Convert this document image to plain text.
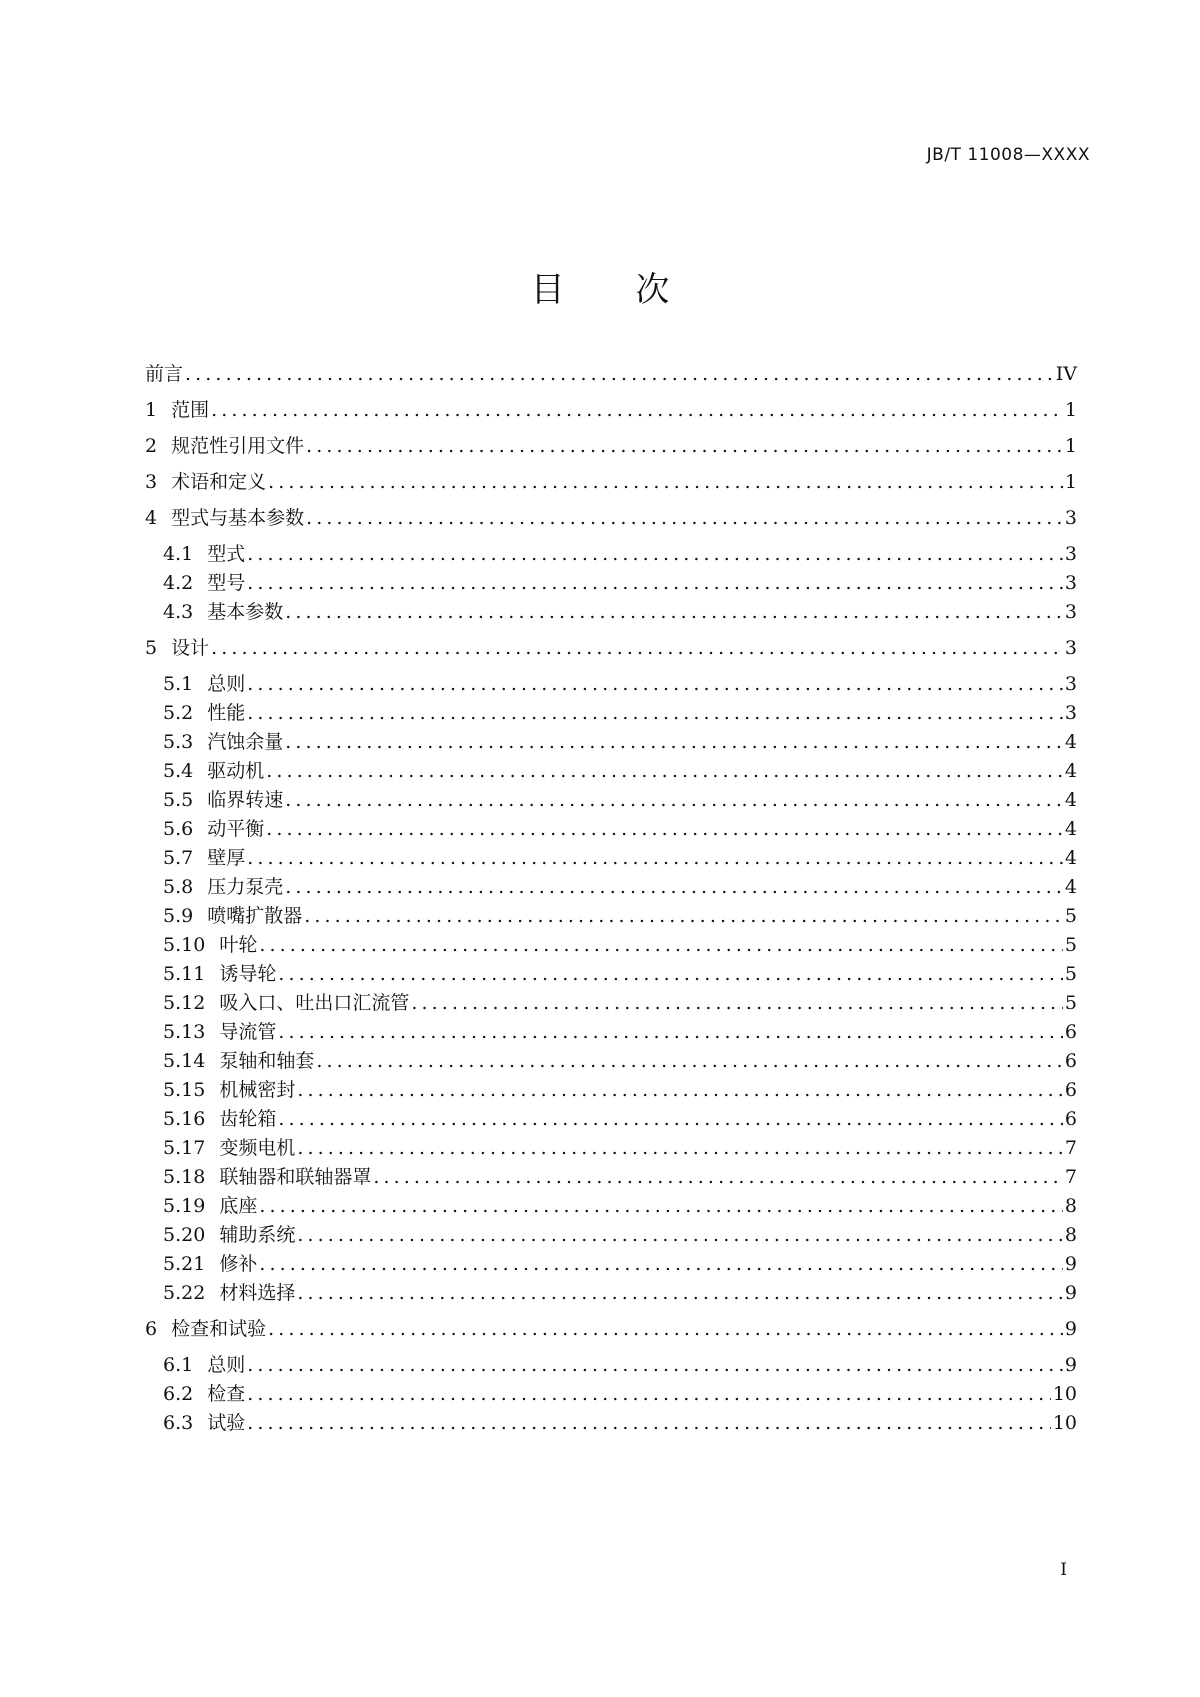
JB/T 11008—XXXX
目 次
前言 .....	IV
1 范围 .....	1
2 规范性引用文件 .....	1
3 术语和定义 .....	1
4 型式与基本参数 .....	3
4.1 型式 .....	3
4.2 型号 .....	3
4.3 基本参数 .....	3
5 设计 .....	3
5.1 总则 .....	3
5.2 性能 .....	3
5.3 汽蚀余量 .....	4
5.4 驱动机 .....	4
5.5 临界转速 .....	4
5.6 动平衡 .....	4
5.7 壁厚 .....	4
5.8 压力泵壳 .....	4
5.9 喷嘴扩散器 .....	5
5.10 叶轮 .....	5
5.11 诱导轮 .....	5
5.12 吸入口、吐出口汇流管 .....	5
5.13 导流管 .....	6
5.14 泵轴和轴套 .....	6
5.15 机械密封 .....	6
5.16 齿轮箱 .....	6
5.17 变频电机 .....	7
5.18 联轴器和联轴器罩 .....	7
5.19 底座 .....	8
5.20 辅助系统 .....	8
5.21 修补 .....	9
5.22 材料选择 .....	9
6 检查和试验 .....	9
6.1 总则 .....	9
6.2 检查 .....	10
6.3 试验 .....	10
I
